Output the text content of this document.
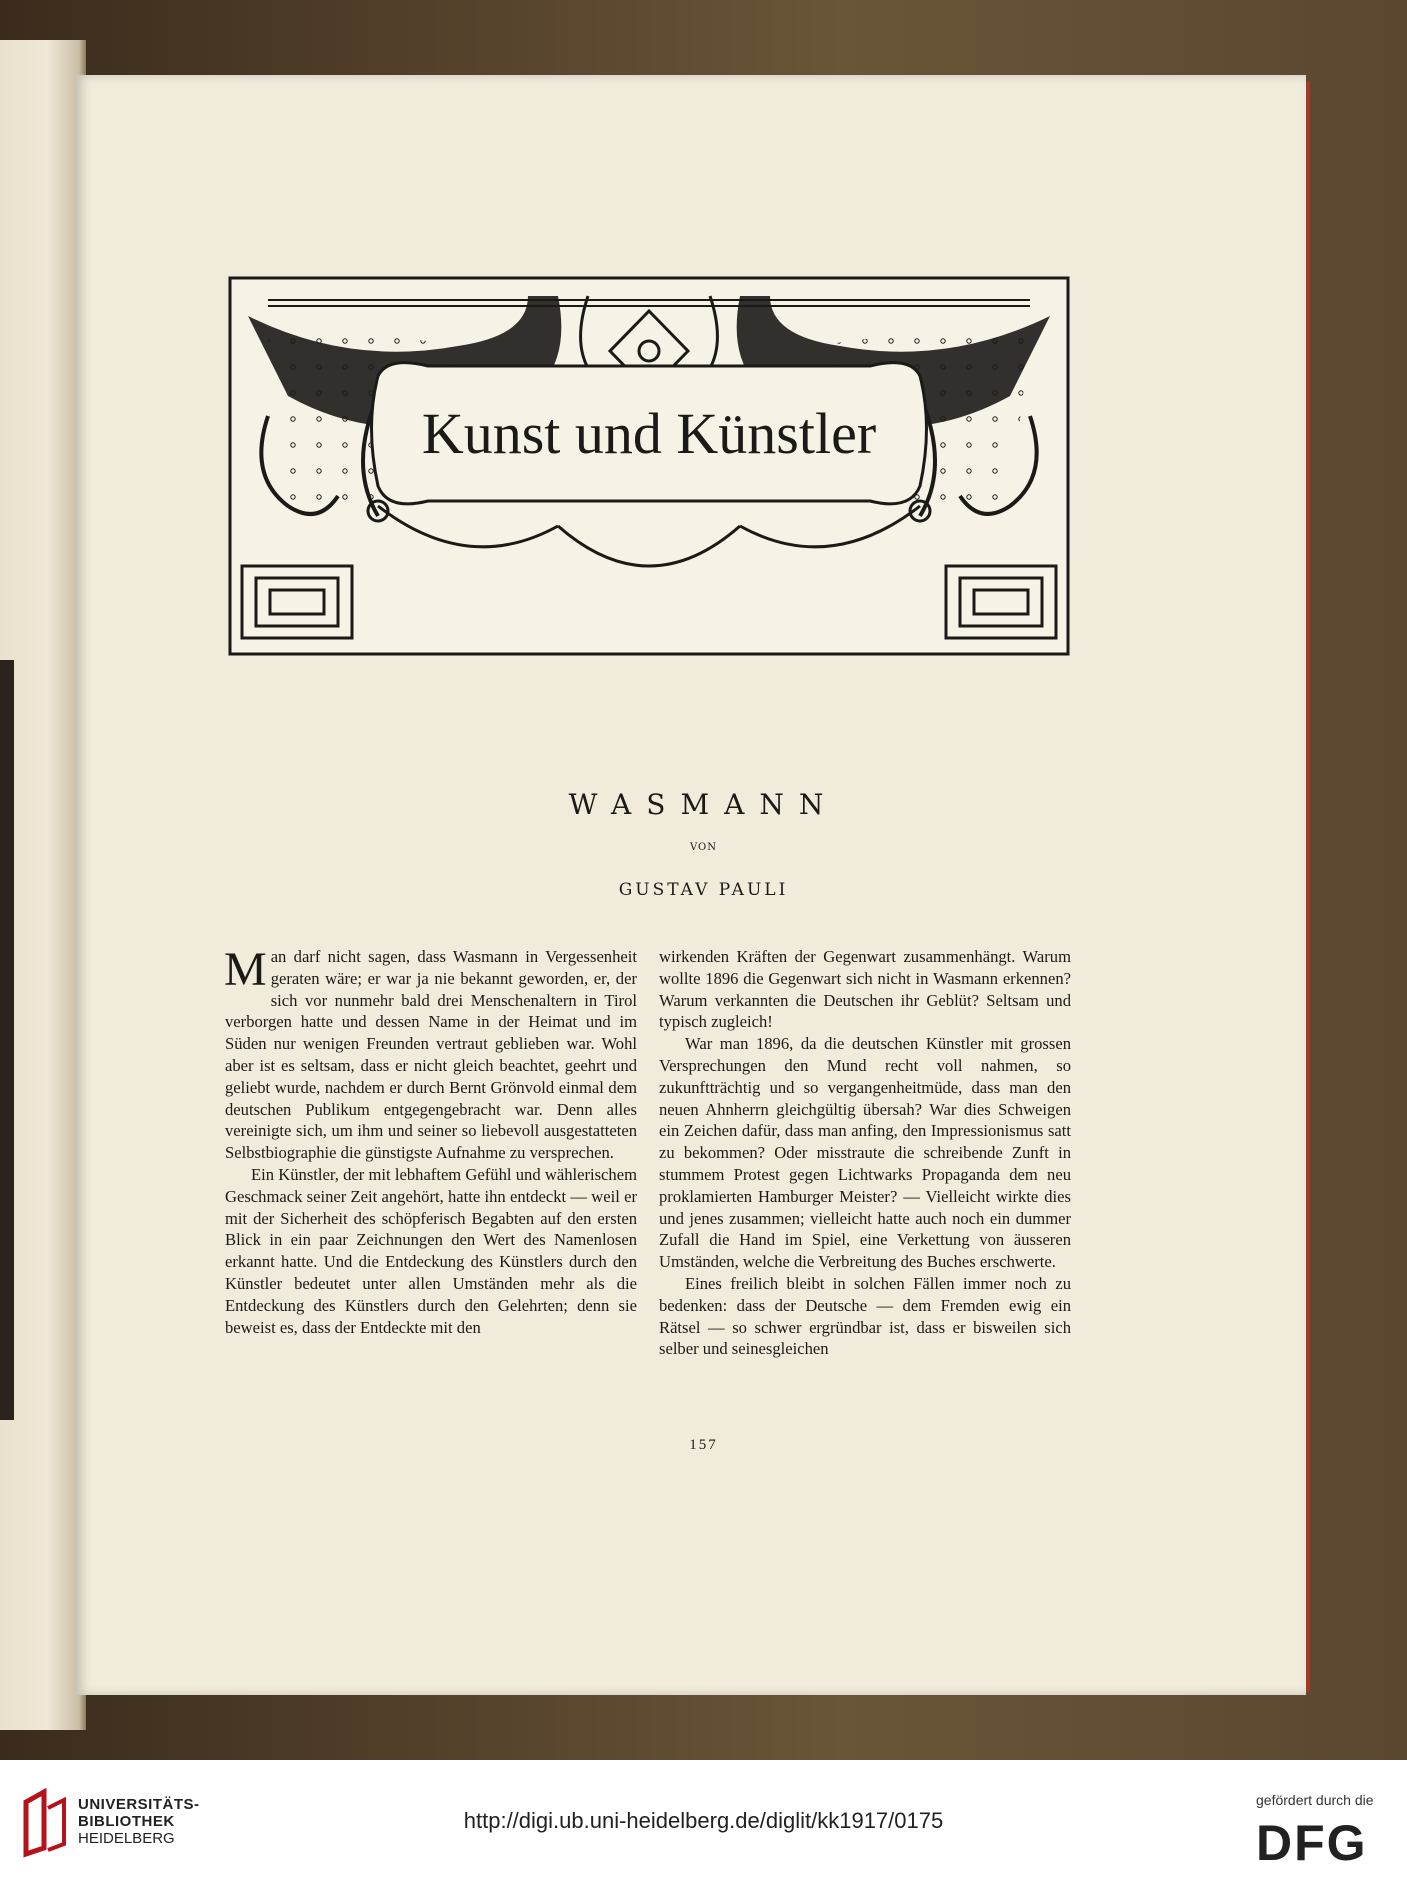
Kunst und Künstler
WASMANN
VON
GUSTAV PAULI

Man darf nicht sagen, dass Wasmann in Vergessenheit geraten wäre; er war ja nie bekannt geworden, er, der sich vor nunmehr bald drei Menschenaltern in Tirol verborgen hatte und dessen Name in der Heimat und im Süden nur wenigen Freunden vertraut geblieben war. Wohl aber ist es seltsam, dass er nicht gleich beachtet, geehrt und geliebt wurde, nachdem er durch Bernt Grönvold einmal dem deutschen Publikum entgegengebracht war. Denn alles vereinigte sich, um ihm und seiner so liebevoll ausgestatteten Selbstbiographie die günstigste Aufnahme zu versprechen.

Ein Künstler, der mit lebhaftem Gefühl und wählerischem Geschmack seiner Zeit angehört, hatte ihn entdeckt — weil er mit der Sicherheit des schöpferisch Begabten auf den ersten Blick in ein paar Zeichnungen den Wert des Namenlosen erkannt hatte. Und die Entdeckung des Künstlers durch den Künstler bedeutet unter allen Umständen mehr als die Entdeckung des Künstlers durch den Gelehrten; denn sie beweist es, dass der Entdeckte mit den

wirkenden Kräften der Gegenwart zusammenhängt. Warum wollte 1896 die Gegenwart sich nicht in Wasmann erkennen? Warum verkannten die Deutschen ihr Geblüt? Seltsam und typisch zugleich!

War man 1896, da die deutschen Künstler mit grossen Versprechungen den Mund recht voll nahmen, so zukunftträchtig und so vergangenheitmüde, dass man den neuen Ahnherrn gleichgültig übersah? War dies Schweigen ein Zeichen dafür, dass man anfing, den Impressionismus satt zu bekommen? Oder misstraute die schreibende Zunft in stummem Protest gegen Lichtwarks Propaganda dem neu proklamierten Hamburger Meister? — Vielleicht wirkte dies und jenes zusammen; vielleicht hatte auch noch ein dummer Zufall die Hand im Spiel, eine Verkettung von äusseren Umständen, welche die Verbreitung des Buches erschwerte.

Eines freilich bleibt in solchen Fällen immer noch zu bedenken: dass der Deutsche — dem Fremden ewig ein Rätsel — so schwer ergründbar ist, dass er bisweilen sich selber und seinesgleichen

157
UNIVERSITÄTS-
BIBLIOTHEK
HEIDELBERG
http://digi.ub.uni-heidelberg.de/diglit/kk1917/0175
gefördert durch die
DFG
